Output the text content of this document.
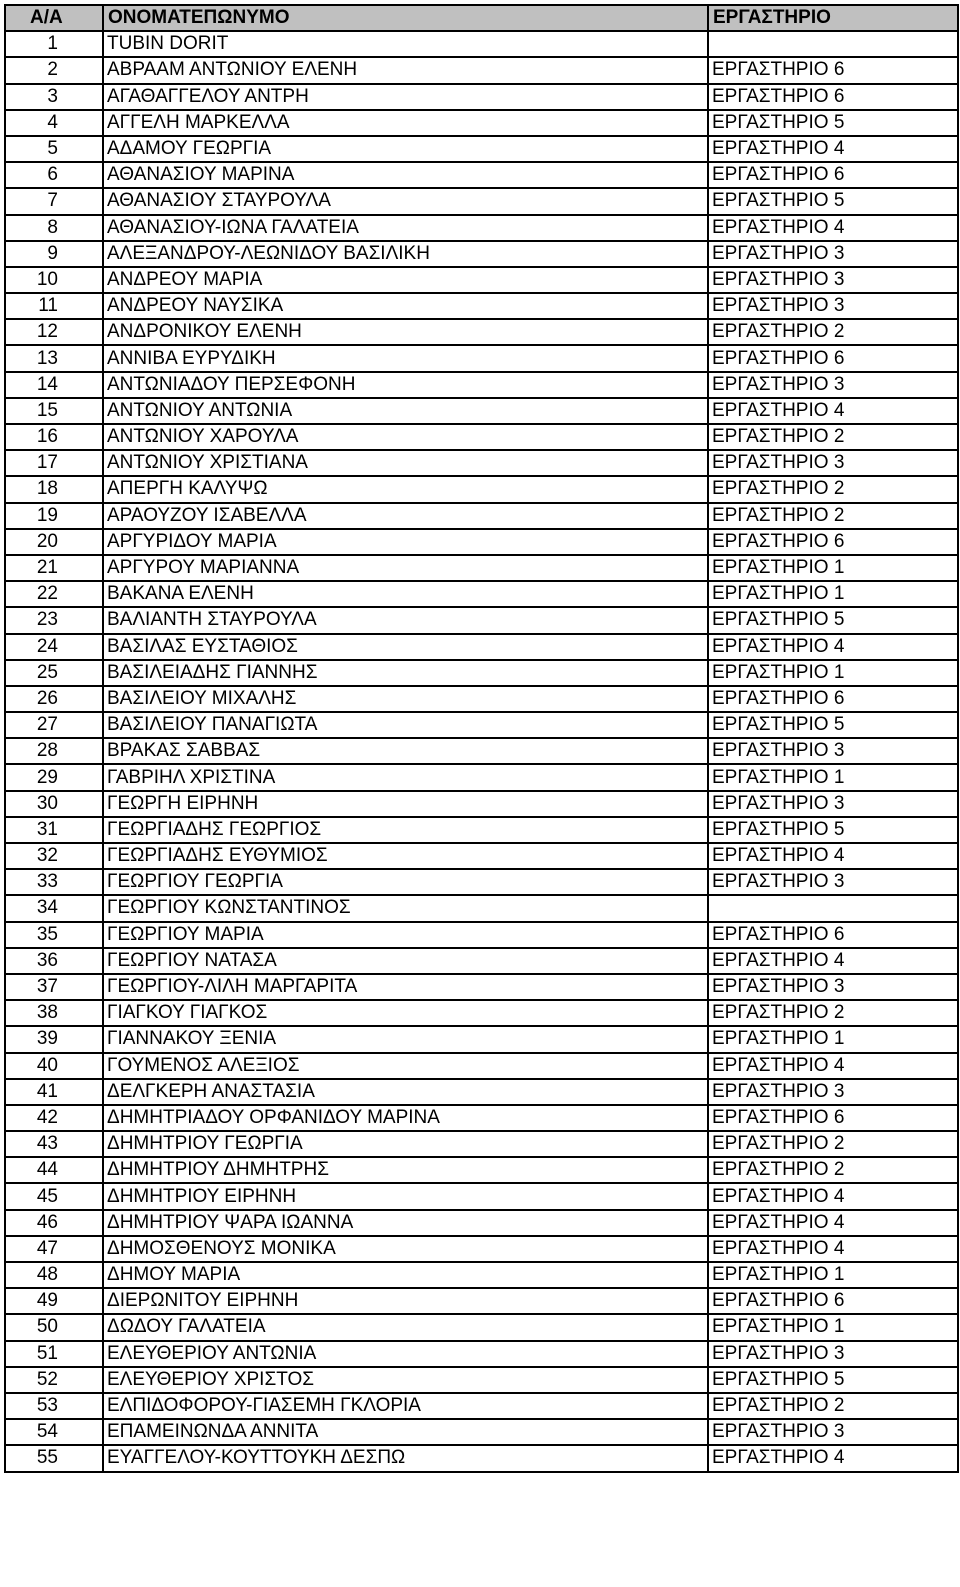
Α/Α	ΟΝΟΜΑΤΕΠΩΝΥΜΟ	ΕΡΓΑΣΤΗΡΙΟ
1	TUBIN DORIT	
2	ΑΒΡΑΑΜ ΑΝΤΩΝΙΟΥ ΕΛΕΝΗ	ΕΡΓΑΣΤΗΡΙΟ 6
3	ΑΓΑΘΑΓΓΕΛΟΥ ΑΝΤΡΗ	ΕΡΓΑΣΤΗΡΙΟ 6
4	ΑΓΓΕΛΗ ΜΑΡΚΕΛΛΑ	ΕΡΓΑΣΤΗΡΙΟ 5
5	ΑΔΑΜΟΥ ΓΕΩΡΓΙΑ	ΕΡΓΑΣΤΗΡΙΟ 4
6	ΑΘΑΝΑΣΙΟΥ ΜΑΡΙΝΑ	ΕΡΓΑΣΤΗΡΙΟ 6
7	ΑΘΑΝΑΣΙΟΥ ΣΤΑΥΡΟΥΛΑ	ΕΡΓΑΣΤΗΡΙΟ 5
8	ΑΘΑΝΑΣΙΟΥ-ΙΩΝΑ ΓΑΛΑΤΕΙΑ	ΕΡΓΑΣΤΗΡΙΟ 4
9	ΑΛΕΞΑΝΔΡΟΥ-ΛΕΩΝΙΔΟΥ ΒΑΣΙΛΙΚΗ	ΕΡΓΑΣΤΗΡΙΟ 3
10	ΑΝΔΡΕΟΥ ΜΑΡΙΑ	ΕΡΓΑΣΤΗΡΙΟ 3
11	ΑΝΔΡΕΟΥ ΝΑΥΣΙΚΑ	ΕΡΓΑΣΤΗΡΙΟ 3
12	ΑΝΔΡΟΝΙΚΟΥ ΕΛΕΝΗ	ΕΡΓΑΣΤΗΡΙΟ 2
13	ΑΝΝΙΒΑ ΕΥΡΥΔΙΚΗ	ΕΡΓΑΣΤΗΡΙΟ 6
14	ΑΝΤΩΝΙΑΔΟΥ ΠΕΡΣΕΦΟΝΗ	ΕΡΓΑΣΤΗΡΙΟ 3
15	ΑΝΤΩΝΙΟΥ ΑΝΤΩΝΙΑ	ΕΡΓΑΣΤΗΡΙΟ 4
16	ΑΝΤΩΝΙΟΥ ΧΑΡΟΥΛΑ	ΕΡΓΑΣΤΗΡΙΟ 2
17	ΑΝΤΩΝΙΟΥ ΧΡΙΣΤΙΑΝΑ	ΕΡΓΑΣΤΗΡΙΟ 3
18	ΑΠΕΡΓΗ ΚΑΛΥΨΩ	ΕΡΓΑΣΤΗΡΙΟ 2
19	ΑΡΑΟΥΖΟΥ ΙΣΑΒΕΛΛΑ	ΕΡΓΑΣΤΗΡΙΟ 2
20	ΑΡΓΥΡΙΔΟΥ ΜΑΡΙΑ	ΕΡΓΑΣΤΗΡΙΟ 6
21	ΑΡΓΥΡΟΥ ΜΑΡΙΑΝΝΑ	ΕΡΓΑΣΤΗΡΙΟ 1
22	ΒΑΚΑΝΑ ΕΛΕΝΗ	ΕΡΓΑΣΤΗΡΙΟ 1
23	ΒΑΛΙΑΝΤΗ ΣΤΑΥΡΟΥΛΑ	ΕΡΓΑΣΤΗΡΙΟ 5
24	ΒΑΣΙΛΑΣ ΕΥΣΤΑΘΙΟΣ	ΕΡΓΑΣΤΗΡΙΟ 4
25	ΒΑΣΙΛΕΙΑΔΗΣ ΓΙΑΝΝΗΣ	ΕΡΓΑΣΤΗΡΙΟ 1
26	ΒΑΣΙΛΕΙΟΥ ΜΙΧΑΛΗΣ	ΕΡΓΑΣΤΗΡΙΟ 6
27	ΒΑΣΙΛΕΙΟΥ ΠΑΝΑΓΙΩΤΑ	ΕΡΓΑΣΤΗΡΙΟ 5
28	ΒΡΑΚΑΣ ΣΑΒΒΑΣ	ΕΡΓΑΣΤΗΡΙΟ 3
29	ΓΑΒΡΙΗΛ ΧΡΙΣΤΙΝΑ	ΕΡΓΑΣΤΗΡΙΟ 1
30	ΓΕΩΡΓΗ ΕΙΡΗΝΗ	ΕΡΓΑΣΤΗΡΙΟ 3
31	ΓΕΩΡΓΙΑΔΗΣ ΓΕΩΡΓΙΟΣ	ΕΡΓΑΣΤΗΡΙΟ 5
32	ΓΕΩΡΓΙΑΔΗΣ ΕΥΘΥΜΙΟΣ	ΕΡΓΑΣΤΗΡΙΟ 4
33	ΓΕΩΡΓΙΟΥ ΓΕΩΡΓΙΑ	ΕΡΓΑΣΤΗΡΙΟ 3
34	ΓΕΩΡΓΙΟΥ ΚΩΝΣΤΑΝΤΙΝΟΣ	
35	ΓΕΩΡΓΙΟΥ ΜΑΡΙΑ	ΕΡΓΑΣΤΗΡΙΟ 6
36	ΓΕΩΡΓΙΟΥ ΝΑΤΑΣΑ	ΕΡΓΑΣΤΗΡΙΟ 4
37	ΓΕΩΡΓΙΟΥ-ΛΙΛΗ ΜΑΡΓΑΡΙΤΑ	ΕΡΓΑΣΤΗΡΙΟ 3
38	ΓΙΑΓΚΟΥ ΓΙΑΓΚΟΣ	ΕΡΓΑΣΤΗΡΙΟ 2
39	ΓΙΑΝΝΑΚΟΥ ΞΕΝΙΑ	ΕΡΓΑΣΤΗΡΙΟ 1
40	ΓΟΥΜΕΝΟΣ ΑΛΕΞΙΟΣ	ΕΡΓΑΣΤΗΡΙΟ 4
41	ΔΕΛΓΚΕΡΗ ΑΝΑΣΤΑΣΙΑ	ΕΡΓΑΣΤΗΡΙΟ 3
42	ΔΗΜΗΤΡΙΑΔΟΥ ΟΡΦΑΝΙΔΟΥ ΜΑΡΙΝΑ	ΕΡΓΑΣΤΗΡΙΟ 6
43	ΔΗΜΗΤΡΙΟΥ ΓΕΩΡΓΙΑ	ΕΡΓΑΣΤΗΡΙΟ 2
44	ΔΗΜΗΤΡΙΟΥ ΔΗΜΗΤΡΗΣ	ΕΡΓΑΣΤΗΡΙΟ 2
45	ΔΗΜΗΤΡΙΟΥ ΕΙΡΗΝΗ	ΕΡΓΑΣΤΗΡΙΟ 4
46	ΔΗΜΗΤΡΙΟΥ ΨΑΡΑ ΙΩΑΝΝΑ	ΕΡΓΑΣΤΗΡΙΟ 4
47	ΔΗΜΟΣΘΕΝΟΥΣ ΜΟΝΙΚΑ	ΕΡΓΑΣΤΗΡΙΟ 4
48	ΔΗΜΟΥ ΜΑΡΙΑ	ΕΡΓΑΣΤΗΡΙΟ 1
49	ΔΙΕΡΩΝΙΤΟΥ ΕΙΡΗΝΗ	ΕΡΓΑΣΤΗΡΙΟ 6
50	ΔΩΔΟΥ ΓΑΛΑΤΕΙΑ	ΕΡΓΑΣΤΗΡΙΟ 1
51	ΕΛΕΥΘΕΡΙΟΥ ΑΝΤΩΝΙΑ	ΕΡΓΑΣΤΗΡΙΟ 3
52	ΕΛΕΥΘΕΡΙΟΥ ΧΡΙΣΤΟΣ	ΕΡΓΑΣΤΗΡΙΟ 5
53	ΕΛΠΙΔΟΦΟΡΟΥ-ΓΙΑΣΕΜΗ ΓΚΛΟΡΙΑ	ΕΡΓΑΣΤΗΡΙΟ 2
54	ΕΠΑΜΕΙΝΩΝΔΑ ΑΝΝΙΤΑ	ΕΡΓΑΣΤΗΡΙΟ 3
55	ΕΥΑΓΓΕΛΟΥ-ΚΟΥΤΤΟΥΚΗ ΔΕΣΠΩ	ΕΡΓΑΣΤΗΡΙΟ 4
